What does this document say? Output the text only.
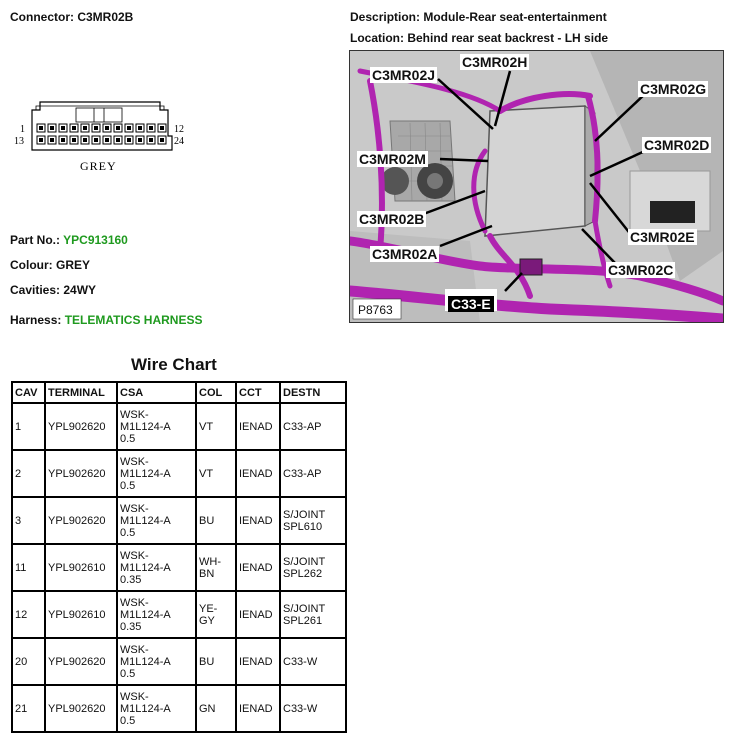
Connector: C3MR02B	Description: Module-Rear seat-entertainment
Location: Behind rear seat backrest - LH side
1
13
12
24
GREY
C3MR02H
C3MR02J
C3MR02G
C3MR02D
C3MR02M
C3MR02B
C3MR02E
C3MR02A
C3MR02C
C33-E
P8763
Part No.: YPC913160
Colour: GREY
Cavities: 24WY
Harness: TELEMATICS HARNESS
Wire Chart
CAV	TERMINAL	CSA	COL	CCT	DESTN
1	YPL902620	WSK-
M1L124-A
0.5	VT	IENAD	C33-AP
2	YPL902620	WSK-
M1L124-A
0.5	VT	IENAD	C33-AP
3	YPL902620	WSK-
M1L124-A
0.5	BU	IENAD	S/JOINT
SPL610
11	YPL902610	WSK-
M1L124-A
0.35	WH-
BN	IENAD	S/JOINT
SPL262
12	YPL902610	WSK-
M1L124-A
0.35	YE-
GY	IENAD	S/JOINT
SPL261
20	YPL902620	WSK-
M1L124-A
0.5	BU	IENAD	C33-W
21	YPL902620	WSK-
M1L124-A
0.5	GN	IENAD	C33-W
